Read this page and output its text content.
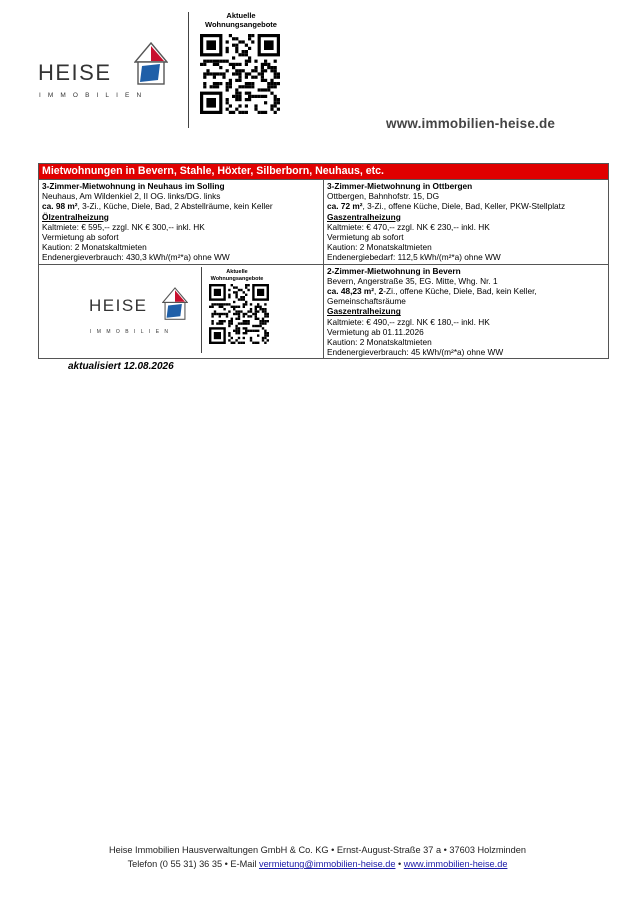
HEISE
IMMOBILIEN
Aktuelle
Wohnungsangebote
www.immobilien-heise.de
Mietwohnungen in Bevern, Stahle, Höxter, Silberborn, Neuhaus, etc.
3-Zimmer-Mietwohnung in Neuhaus im Solling
Neuhaus, Am Wildenkiel 2, II OG. links/DG. links
ca. 98 m², 3-Zi., Küche, Diele, Bad, 2 Abstellräume, kein Keller
Ölzentralheizung
Kaltmiete: € 595,-- zzgl. NK € 300,-- inkl. HK
Vermietung ab sofort
Kaution: 2 Monatskaltmieten
Endenergieverbrauch: 430,3 kWh/(m²*a) ohne WW
3-Zimmer-Mietwohnung in Ottbergen
Ottbergen, Bahnhofstr. 15, DG
ca. 72 m², 3-Zi., offene Küche, Diele, Bad, Keller, PKW-Stellplatz
Gaszentralheizung
Kaltmiete: € 470,-- zzgl. NK € 230,-- inkl. HK
Vermietung ab sofort
Kaution: 2 Monatskaltmieten
Endenergiebedarf: 112,5 kWh/(m²*a) ohne WW
HEISE
IMMOBILIEN
Aktuelle
Wohnungsangebote
2-Zimmer-Mietwohnung in Bevern
Bevern, Angerstraße 35, EG. Mitte, Whg. Nr. 1
ca. 48,23 m², 2-Zi., offene Küche, Diele, Bad, kein Keller, Gemeinschaftsräume
Gaszentralheizung
Kaltmiete: € 490,-- zzgl. NK € 180,-- inkl. HK
Vermietung ab 01.11.2026
Kaution: 2 Monatskaltmieten
Endenergieverbrauch: 45 kWh/(m²*a) ohne WW
aktualisiert 12.08.2026
Heise Immobilien Hausverwaltungen GmbH & Co. KG • Ernst-August-Straße 37 a • 37603 Holzminden
Telefon (0 55 31) 36 35 • E-Mail vermietung@immobilien-heise.de • www.immobilien-heise.de
